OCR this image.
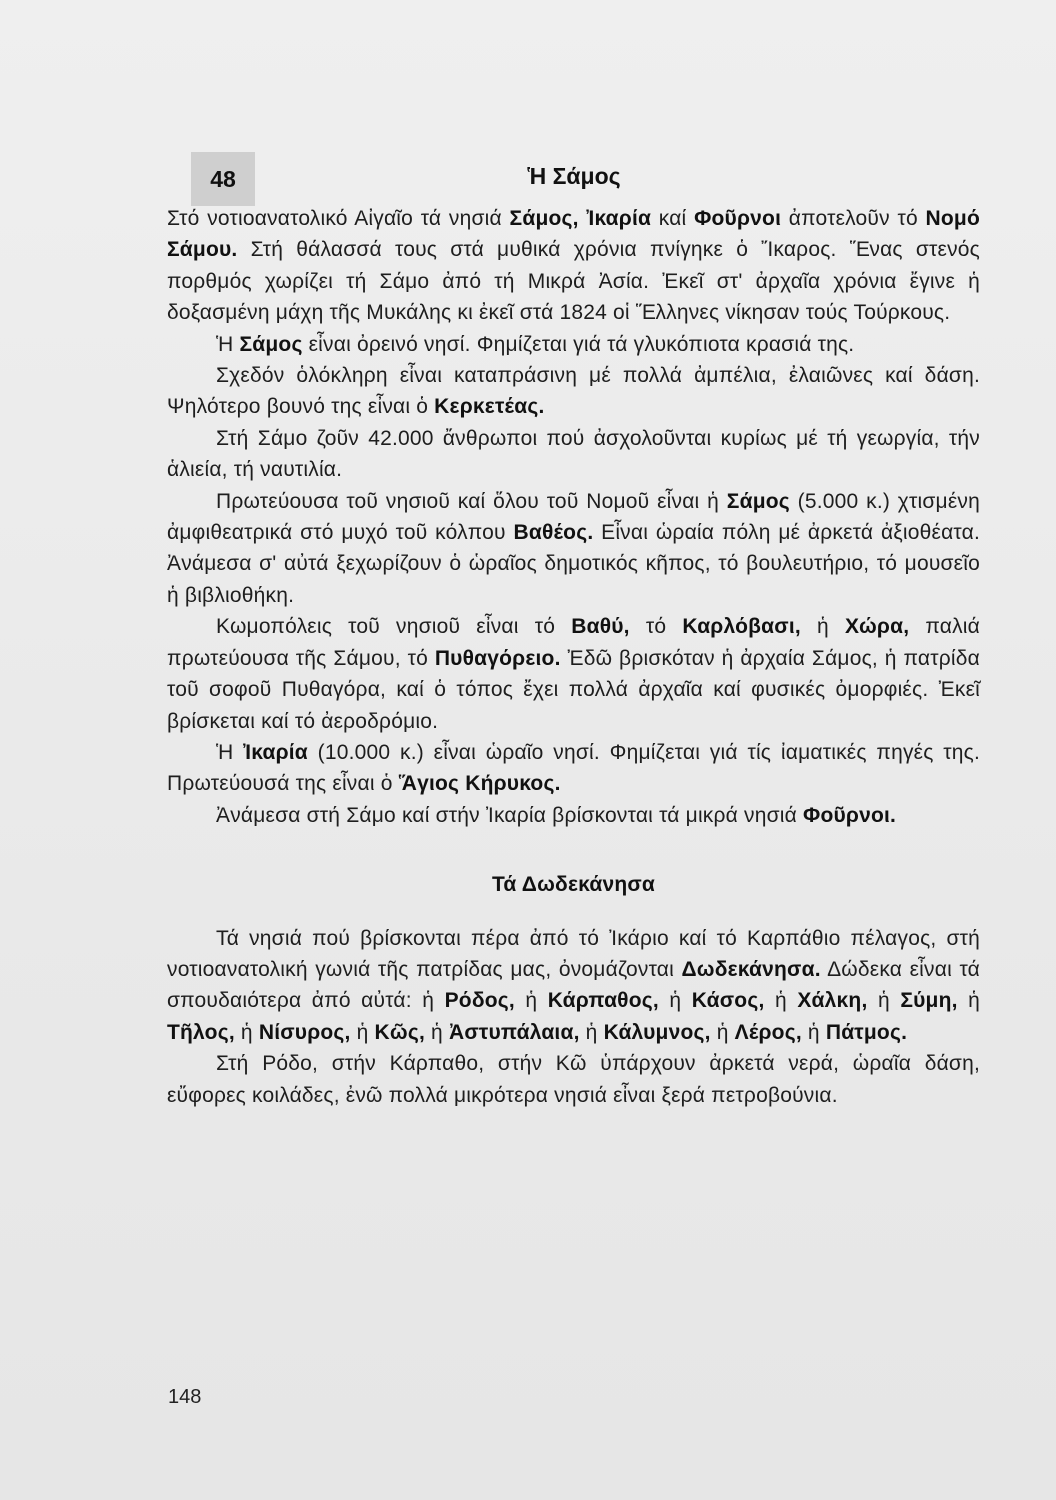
48	Ἡ Σάμος

Στό νοτιοανατολικό Αἰγαῖο τά νησιά Σάμος, Ἰκαρία καί Φοῦρνοι ἀποτελοῦν τό Νομό Σάμου. Στή θάλασσά τους στά μυθικά χρόνια πνίγηκε ὁ Ἴκαρος. Ἕνας στενός πορθμός χωρίζει τή Σάμο ἀπό τή Μικρά Ἀσία. Ἐκεῖ στ' ἀρχαῖα χρόνια ἔγινε ἡ δοξασμένη μάχη τῆς Μυκάλης κι ἐκεῖ στά 1824 οἱ Ἕλληνες νίκησαν τούς Τούρκους.

Ἡ Σάμος εἶναι ὀρεινό νησί. Φημίζεται γιά τά γλυκόπιοτα κρασιά της.

Σχεδόν ὁλόκληρη εἶναι καταπράσινη μέ πολλά ἀμπέλια, ἐλαιῶνες καί δάση. Ψηλότερο βουνό της εἶναι ὁ Κερκετέας.

Στή Σάμο ζοῦν 42.000 ἄνθρωποι πού ἀσχολοῦνται κυρίως μέ τή γεωργία, τήν ἁλιεία, τή ναυτιλία.

Πρωτεύουσα τοῦ νησιοῦ καί ὅλου τοῦ Νομοῦ εἶναι ἡ Σάμος (5.000 κ.) χτισμένη ἀμφιθεατρικά στό μυχό τοῦ κόλπου Βαθέος. Εἶναι ὡραία πόλη μέ ἀρκετά ἀξιοθέατα. Ἀνάμεσα σ' αὐτά ξεχωρίζουν ὁ ὡραῖος δημοτικός κῆπος, τό βουλευτήριο, τό μουσεῖο ἡ βιβλιοθήκη.

Κωμοπόλεις τοῦ νησιοῦ εἶναι τό Βαθύ, τό Καρλόβασι, ἡ Χώρα, παλιά πρωτεύουσα τῆς Σάμου, τό Πυθαγόρειο. Ἐδῶ βρισκόταν ἡ ἀρχαία Σάμος, ἡ πατρίδα τοῦ σοφοῦ Πυθαγόρα, καί ὁ τόπος ἔχει πολλά ἀρχαῖα καί φυσικές ὀμορφιές. Ἐκεῖ βρίσκεται καί τό ἀεροδρόμιο.

Ἡ Ἰκαρία (10.000 κ.) εἶναι ὡραῖο νησί. Φημίζεται γιά τίς ἰαματικές πηγές της. Πρωτεύουσά της εἶναι ὁ Ἅγιος Κήρυκος.

Ἀνάμεσα στή Σάμο καί στήν Ἰκαρία βρίσκονται τά μικρά νησιά Φοῦρνοι.

Τά Δωδεκάνησα

Τά νησιά πού βρίσκονται πέρα ἀπό τό Ἰκάριο καί τό Καρπάθιο πέλαγος, στή νοτιοανατολική γωνιά τῆς πατρίδας μας, ὀνομάζονται Δωδεκάνησα. Δώδεκα εἶναι τά σπουδαιότερα ἀπό αὐτά: ἡ Ρόδος, ἡ Κάρπαθος, ἡ Κάσος, ἡ Χάλκη, ἡ Σύμη, ἡ Τῆλος, ἡ Νίσυρος, ἡ Κῶς, ἡ Ἀστυπάλαια, ἡ Κάλυμνος, ἡ Λέρος, ἡ Πάτμος.

Στή Ρόδο, στήν Κάρπαθο, στήν Κῶ ὑπάρχουν ἀρκετά νερά, ὡραῖα δάση, εὔφορες κοιλάδες, ἐνῶ πολλά μικρότερα νησιά εἶναι ξερά πετροβούνια.

148
